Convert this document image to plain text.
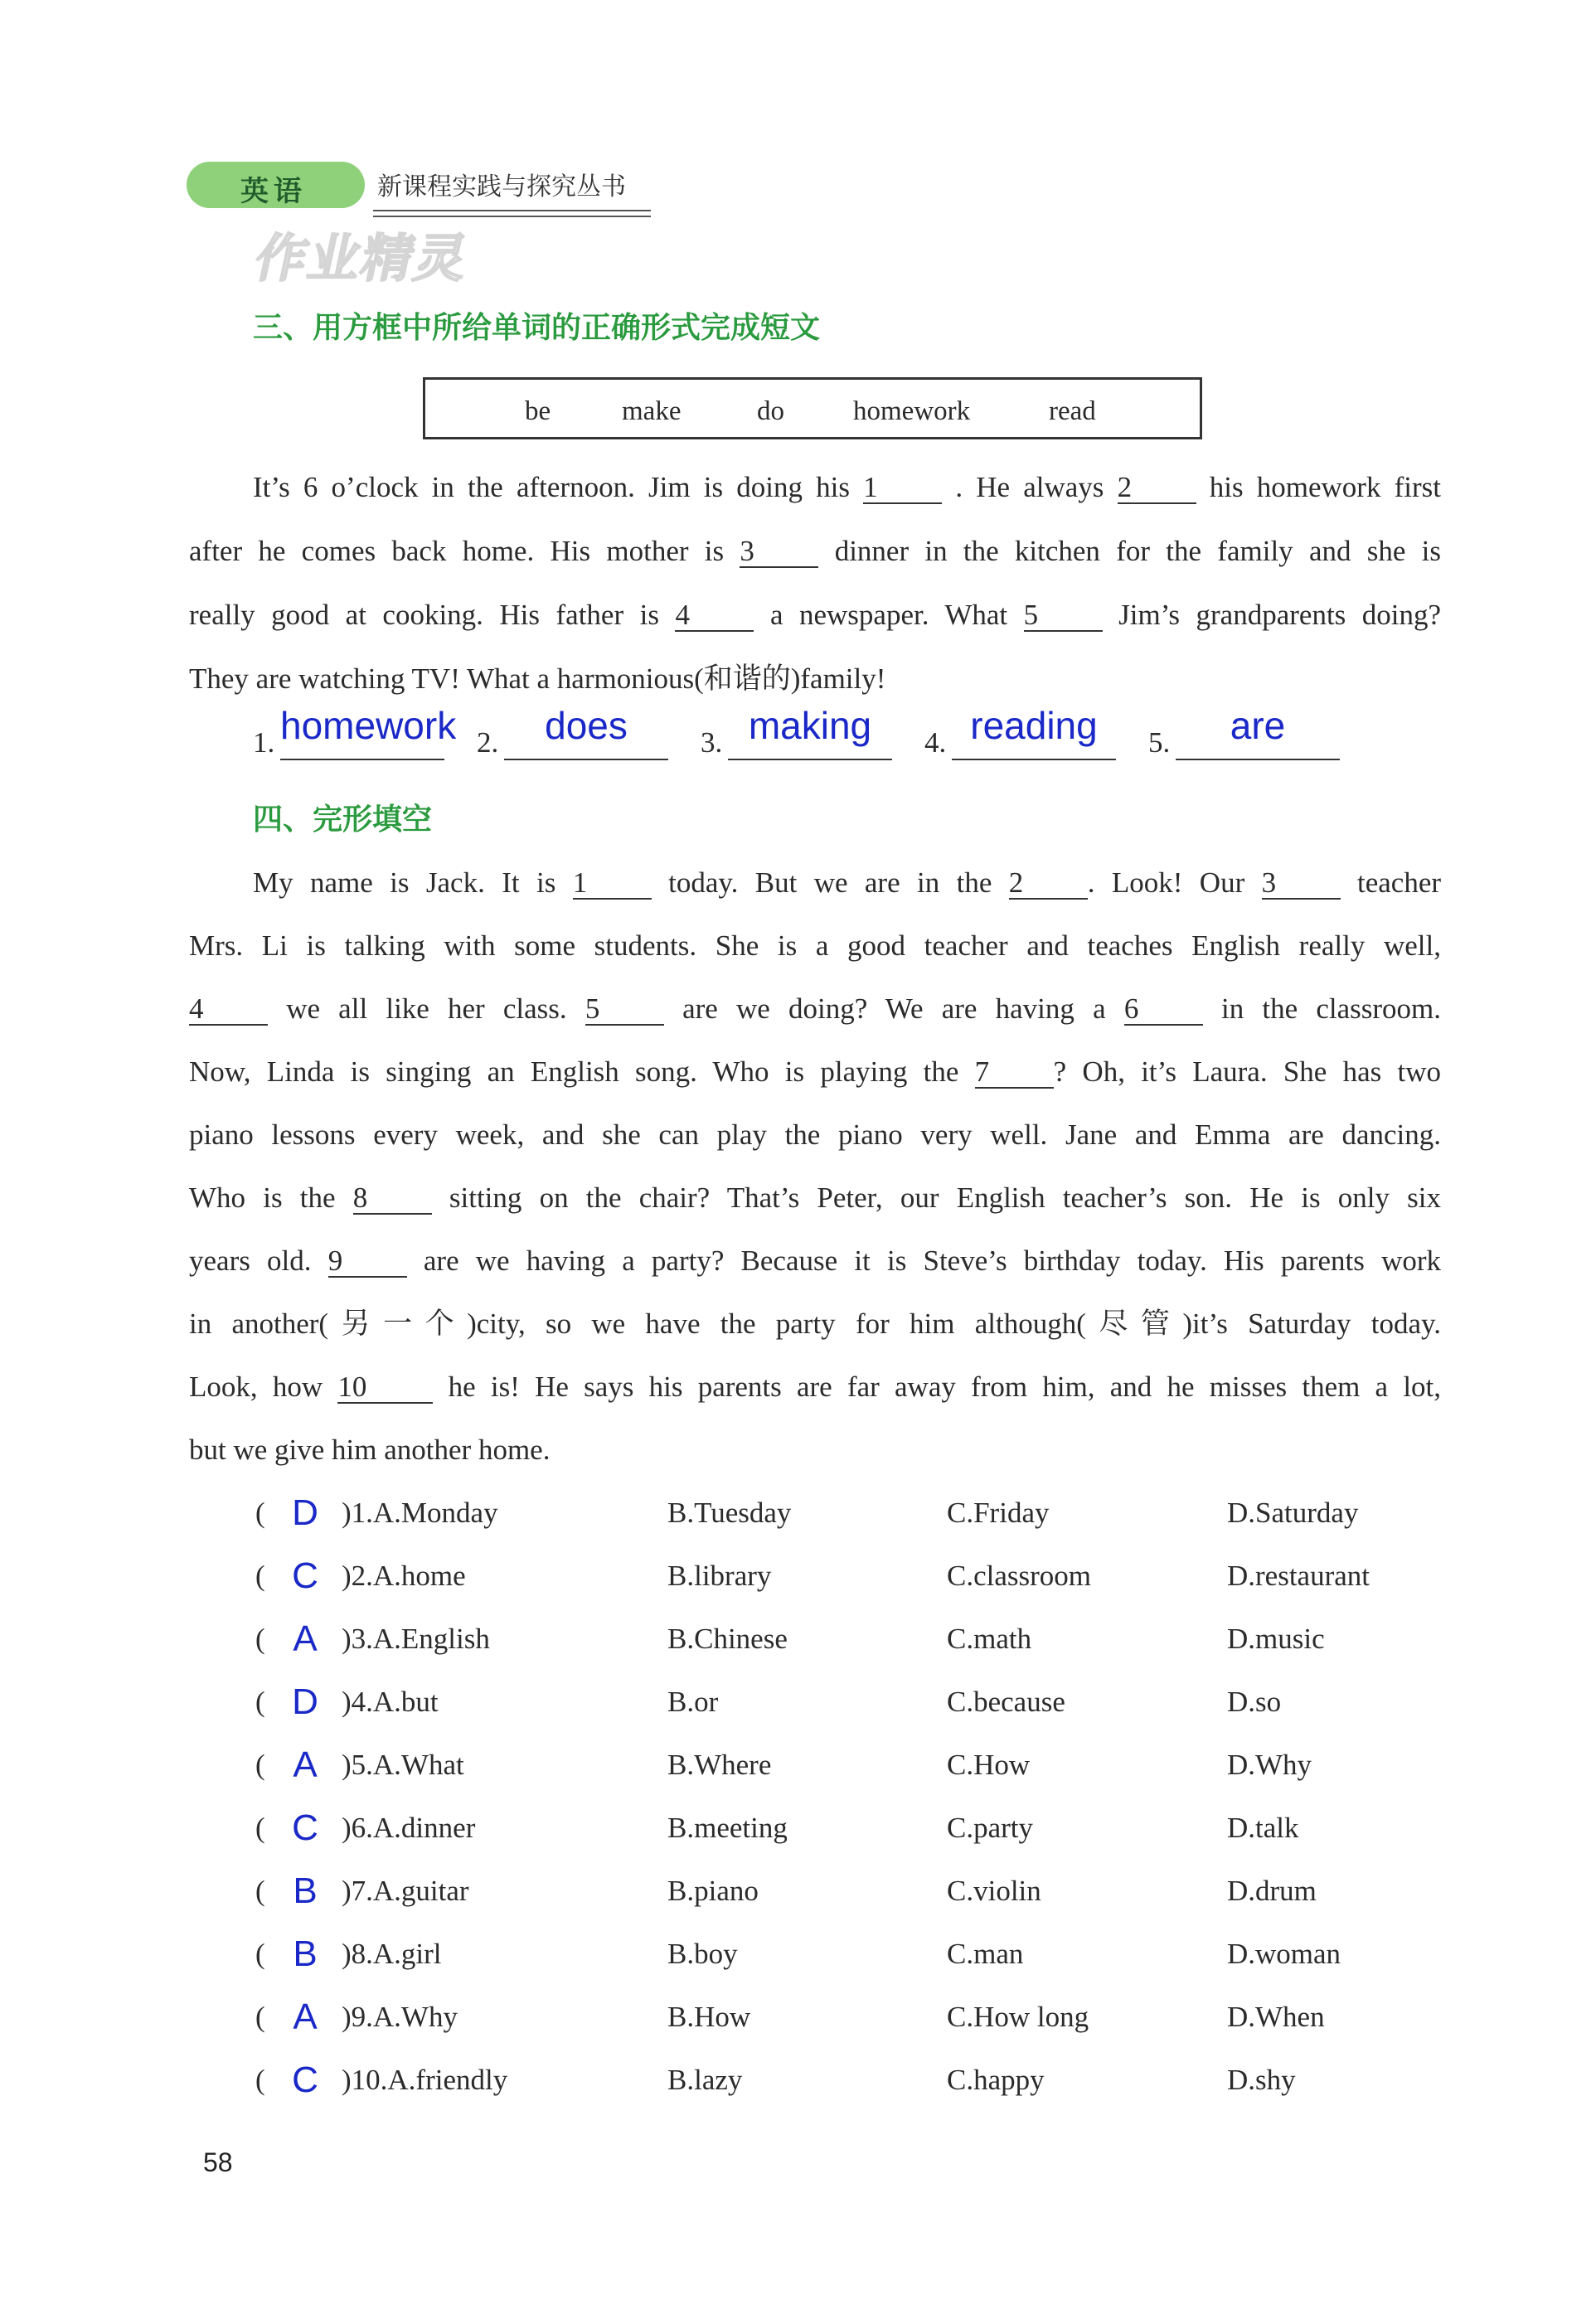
英语	新课程实践与探究丛书
作业精灵
三、用方框中所给单词的正确形式完成短文
be	make	do	homework	read
It’s 6 o’clock in the afternoon. Jim is doing his 1	. He always 2	his homework first
after he comes back home. His mother is 3	dinner in the kitchen for the family and she is
really good at cooking. His father is 4	a newspaper. What 5	Jim’s grandparents doing?
They are watching TV! What a harmonious(和谐的)family!
1. homework 2.	does	3. making	4. reading	5.	are
四、完形填空
My name is Jack. It is 1	today. But we are in the 2 . Look! Our 3	teacher
Mrs. Li is talking with some students. She is a good teacher and teaches English really well,
4	we all like her class. 5	are we doing? We are having a 6	in the classroom.
Now, Linda is singing an English song. Who is playing the 7 ? Oh, it’s Laura. She has two
piano lessons every week, and she can play the piano very well. Jane and Emma are dancing.
Who is the 8	sitting on the chair? That’s Peter, our English teacher’s son. He is only six
years old. 9	are we having a party? Because it is Steve’s birthday today. His parents work
in another(另一个)city, so we have the party for him although(尽管)it’s Saturday today.
Look, how 10	he is! He says his parents are far away from him, and he misses them a lot,
but we give him another home.
( D )1.A.Monday	B.Tuesday	C.Friday	D.Saturday
( C )2.A.home	B.library	C.classroom	D.restaurant
( A )3.A.English	B.Chinese	C.math	D.music
( D )4.A.but	B.or	C.because	D.so
( A )5.A.What	B.Where	C.How	D.Why
( C )6.A.dinner	B.meeting	C.party	D.talk
( B )7.A.guitar	B.piano	C.violin	D.drum
( B )8.A.girl	B.boy	C.man	D.woman
( A )9.A.Why	B.How	C.How long	D.When
( C )10.A.friendly	B.lazy	C.happy	D.shy
58
